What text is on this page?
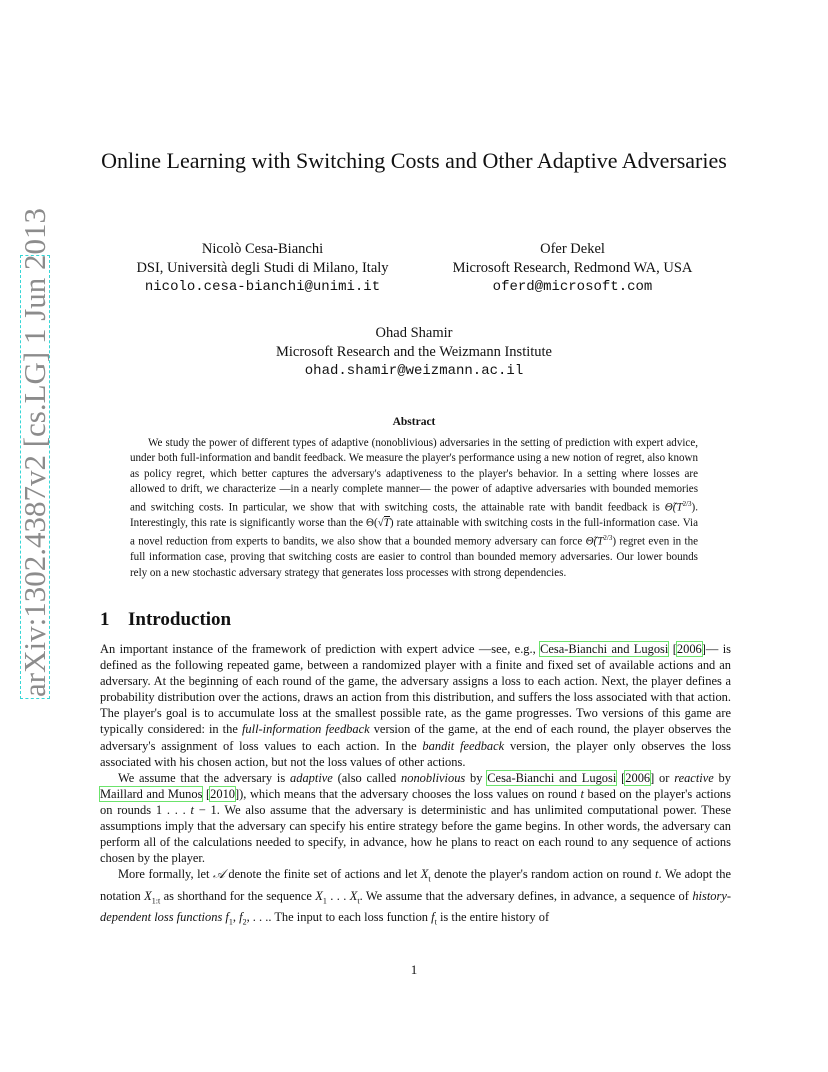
arXiv:1302.4387v2 [cs.LG] 1 Jun 2013
Online Learning with Switching Costs and Other Adaptive Adversaries
Nicolò Cesa-Bianchi
DSI, Università degli Studi di Milano, Italy
nicolo.cesa-bianchi@unimi.it
Ofer Dekel
Microsoft Research, Redmond WA, USA
oferd@microsoft.com
Ohad Shamir
Microsoft Research and the Weizmann Institute
ohad.shamir@weizmann.ac.il
Abstract
We study the power of different types of adaptive (nonoblivious) adversaries in the setting of prediction with expert advice, under both full-information and bandit feedback. We measure the player's performance using a new notion of regret, also known as policy regret, which better captures the adversary's adaptiveness to the player's behavior. In a setting where losses are allowed to drift, we characterize —in a nearly complete manner— the power of adaptive adversaries with bounded memories and switching costs. In particular, we show that with switching costs, the attainable rate with bandit feedback is $\Thetã(T^{2/3})$. Interestingly, this rate is significantly worse than the Θ(√T) rate attainable with switching costs in the full-information case. Via a novel reduction from experts to bandits, we also show that a bounded memory adversary can force $\Thetã(T^{2/3})$ regret even in the full information case, proving that switching costs are easier to control than bounded memory adversaries. Our lower bounds rely on a new stochastic adversary strategy that generates loss processes with strong dependencies.
1 Introduction

An important instance of the framework of prediction with expert advice —see, e.g., Cesa-Bianchi and Lugosi [2006]— is defined as the following repeated game, between a randomized player with a finite and fixed set of available actions and an adversary. At the beginning of each round of the game, the adversary assigns a loss to each action. Next, the player defines a probability distribution over the actions, draws an action from this distribution, and suffers the loss associated with that action. The player's goal is to accumulate loss at the smallest possible rate, as the game progresses. Two versions of this game are typically considered: in the full-information feedback version of the game, at the end of each round, the player observes the adversary's assignment of loss values to each action. In the bandit feedback version, the player only observes the loss associated with his chosen action, but not the loss values of other actions.

We assume that the adversary is adaptive (also called nonoblivious by Cesa-Bianchi and Lugosi [2006] or reactive by Maillard and Munos [2010]), which means that the adversary chooses the loss values on round t based on the player's actions on rounds 1 . . . t − 1. We also assume that the adversary is deterministic and has unlimited computational power. These assumptions imply that the adversary can specify his entire strategy before the game begins. In other words, the adversary can perform all of the calculations needed to specify, in advance, how he plans to react on each round to any sequence of actions chosen by the player.

More formally, let 𝒜 denote the finite set of actions and let $X_t$ denote the player's random action on round t. We adopt the notation $X_{1:t}$ as shorthand for the sequence $X_1$ . . . $X_t$. We assume that the adversary defines, in advance, a sequence of history-dependent loss functions $f_1$, $f_2$, . . .. The input to each loss function $f_t$ is the entire history of

1
